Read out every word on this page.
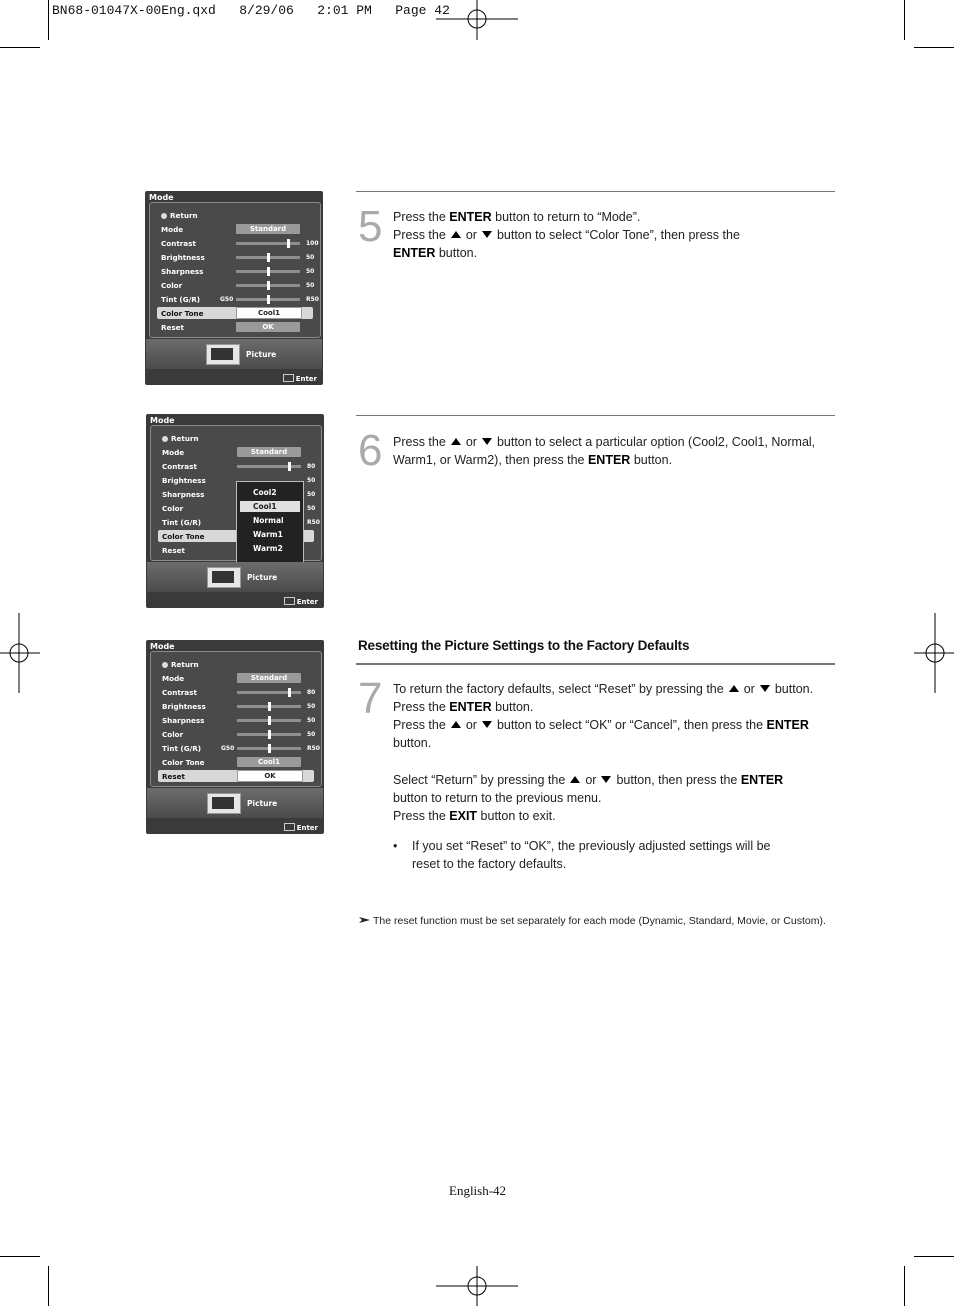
BN68-01047X-00Eng.qxd   8/29/06   2:01 PM   Page 42
Mode
Return
Mode	Standard
Contrast	100
Brightness	50
Sharpness	50
Color	50
Tint (G/R)	G50	R50
Color Tone	Cool1
Reset	OK
Picture
Enter
Mode
Return
Mode	Standard
Contrast	80
Brightness	50
Sharpness	50
Color	50
Tint (G/R)	R50
Color Tone
Reset
Cool2
Cool1
Normal
Warm1
Warm2
Picture
Enter
Mode
Return
Mode	Standard
Contrast	80
Brightness	50
Sharpness	50
Color	50
Tint (G/R)	G50	R50
Color Tone	Cool1
Reset	OK
Picture
Enter
5 Press the ENTER button to return to “Mode”.
Press the or button to select “Color Tone”, then press the
ENTER button.
6 Press the or button to select a particular option (Cool2, Cool1, Normal,
Warm1, or Warm2), then press the ENTER button.
Resetting the Picture Settings to the Factory Defaults
7 To return the factory defaults, select “Reset” by pressing the or button.
Press the ENTER button.
Press the or button to select “OK” or “Cancel”, then press the ENTER
button.
Select “Return” by pressing the or button, then press the ENTER
button to return to the previous menu.
Press the EXIT button to exit.
• If you set “Reset” to “OK”, the previously adjusted settings will be
reset to the factory defaults.
The reset function must be set separately for each mode (Dynamic, Standard, Movie, or Custom).
English-42
